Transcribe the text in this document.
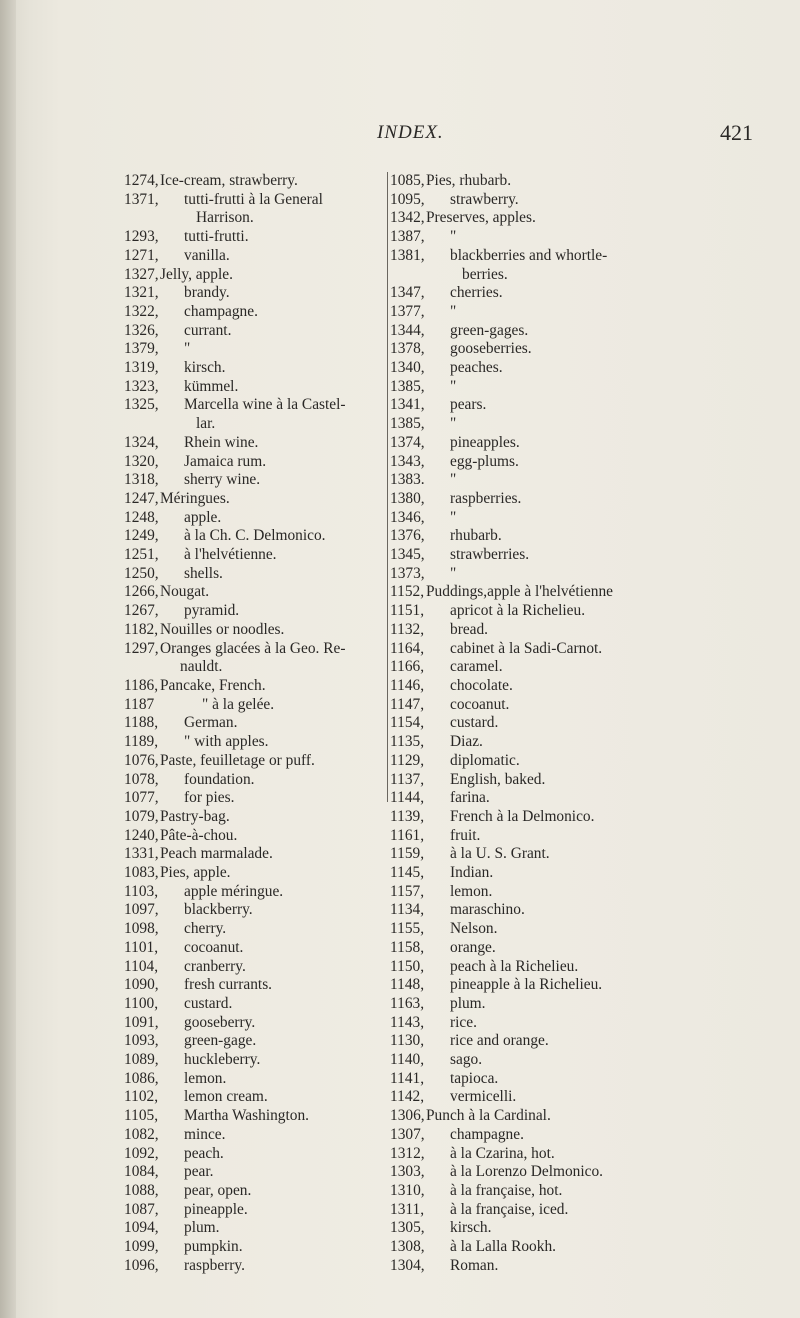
INDEX.	421
1274,Ice-cream, strawberry.
1371, tutti-frutti à la General
Harrison.
1293, tutti-frutti.
1271, vanilla.
1327,Jelly, apple.
1321, brandy.
1322, champagne.
1326, currant.
1379, "
1319, kirsch.
1323, kümmel.
1325, Marcella wine à la Castel-
lar.
1324, Rhein wine.
1320, Jamaica rum.
1318, sherry wine.
1247,Méringues.
1248, apple.
1249, à la Ch. C. Delmonico.
1251, à l'helvétienne.
1250, shells.
1266,Nougat.
1267, pyramid.
1182, Nouilles or noodles.
1297,Oranges glacées à la Geo. Re-
nauldt.
1186, Pancake, French.
1187	" à la gelée.
1188, German.
1189, " with apples.
1076,Paste, feuilletage or puff.
1078, foundation.
1077, for pies.
1079,Pastry-bag.
1240,Pâte-à-chou.
1331,Peach marmalade.
1083,Pies, apple.
1103, apple méringue.
1097, blackberry.
1098, cherry.
1101, cocoanut.
1104, cranberry.
1090, fresh currants.
1100, custard.
1091, gooseberry.
1093, green-gage.
1089, huckleberry.
1086, lemon.
1102, lemon cream.
1105, Martha Washington.
1082, mince.
1092, peach.
1084, pear.
1088, pear, open.
1087, pineapple.
1094, plum.
1099, pumpkin.
1096, raspberry.
1085,Pies, rhubarb.
1095, strawberry.
1342,Preserves, apples.
1387, "
1381, blackberries and whortle-
berries.
1347, cherries.
1377, "
1344, green-gages.
1378, gooseberries.
1340, peaches.
1385, "
1341, pears.
1385, "
1374, pineapples.
1343, egg-plums.
1383. "
1380, raspberries.
1346, "
1376, rhubarb.
1345, strawberries.
1373, "
1152, Puddings,apple à l'helvétienne
1151, apricot à la Richelieu.
1132, bread.
1164, cabinet à la Sadi-Carnot.
1166, caramel.
1146, chocolate.
1147, cocoanut.
1154, custard.
1135, Diaz.
1129, diplomatic.
1137, English, baked.
1144, farina.
1139, French à la Delmonico.
1161, fruit.
1159, à la U. S. Grant.
1145, Indian.
1157, lemon.
1134, maraschino.
1155, Nelson.
1158, orange.
1150, peach à la Richelieu.
1148, pineapple à la Richelieu.
1163, plum.
1143, rice.
1130, rice and orange.
1140, sago.
1141, tapioca.
1142, vermicelli.
1306,Punch à la Cardinal.
1307, champagne.
1312, à la Czarina, hot.
1303, à la Lorenzo Delmonico.
1310, à la française, hot.
1311, à la française, iced.
1305, kirsch.
1308, à la Lalla Rookh.
1304, Roman.
